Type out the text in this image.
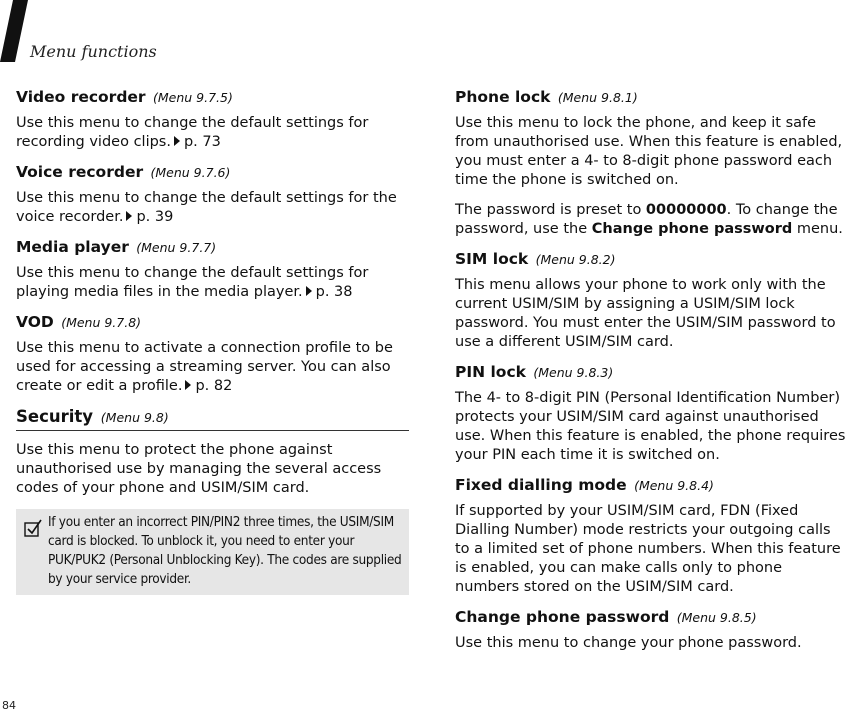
Menu functions
Video recorder (Menu 9.7.5)

Use this menu to change the default settings for recording video clips. p. 73

Voice recorder (Menu 9.7.6)

Use this menu to change the default settings for the voice recorder. p. 39

Media player (Menu 9.7.7)

Use this menu to change the default settings for playing media files in the media player. p. 38

VOD (Menu 9.7.8)

Use this menu to activate a connection profile to be used for accessing a streaming server. You can also create or edit a profile. p. 82

Security (Menu 9.8)

Use this menu to protect the phone against unauthorised use by managing the several access codes of your phone and USIM/SIM card.

If you enter an incorrect PIN/PIN2 three times, the USIM/SIM card is blocked. To unblock it, you need to enter your PUK/PUK2 (Personal Unblocking Key). The codes are supplied by your service provider.
Phone lock (Menu 9.8.1)

Use this menu to lock the phone, and keep it safe from unauthorised use. When this feature is enabled, you must enter a 4- to 8-digit phone password each time the phone is switched on.

The password is preset to 00000000. To change the password, use the Change phone password menu.

SIM lock (Menu 9.8.2)

This menu allows your phone to work only with the current USIM/SIM by assigning a USIM/SIM lock password. You must enter the USIM/SIM password to use a different USIM/SIM card.

PIN lock (Menu 9.8.3)

The 4- to 8-digit PIN (Personal Identification Number) protects your USIM/SIM card against unauthorised use. When this feature is enabled, the phone requires your PIN each time it is switched on.

Fixed dialling mode (Menu 9.8.4)

If supported by your USIM/SIM card, FDN (Fixed Dialling Number) mode restricts your outgoing calls to a limited set of phone numbers. When this feature is enabled, you can make calls only to phone numbers stored on the USIM/SIM card.

Change phone password (Menu 9.8.5)

Use this menu to change your phone password.

84
